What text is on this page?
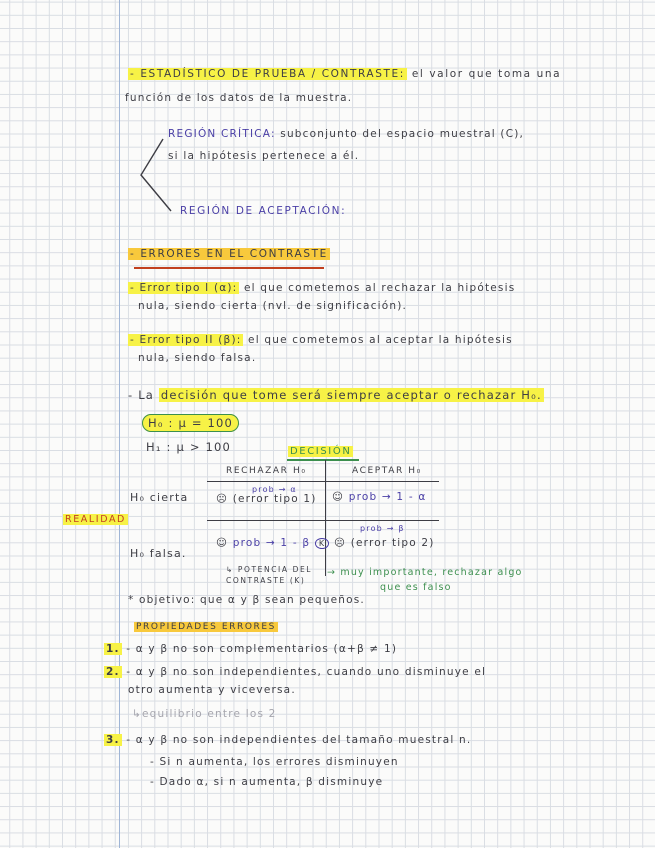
- ESTADÍSTICO DE PRUEBA / CONTRASTE: el valor que toma una
función de los datos de la muestra.
REGIÓN CRÍTICA: subconjunto del espacio muestral (C),
si la hipótesis pertenece a él.
REGIÓN DE ACEPTACIÓN:
- ERRORES EN EL CONTRASTE
- Error tipo I (α): el que cometemos al rechazar la hipótesis
nula, siendo cierta (nvl. de significación).
- Error tipo II (β): el que cometemos al aceptar la hipótesis
nula, siendo falsa.
- La decisión que tome será siempre aceptar o rechazar H₀.
H₀ : μ = 100
H₁ : μ > 100	DECISIÓN
RECHAZAR H₀	ACEPTAR H₀
REALIDAD
H₀ cierta
H₀ falsa.
prob → α
☹ (error tipo 1) ☺ prob → 1 - α
☺ prob → 1 - β K
prob → β
☹ (error tipo 2)
↳ POTENCIA DEL
CONTRASTE (K)
→ muy importante, rechazar algo
que es falso
* objetivo: que α y β sean pequeños.
PROPIEDADES ERRORES
1. - α y β no son complementarios (α+β ≠ 1)
2. - α y β no son independientes, cuando uno disminuye el
otro aumenta y viceversa.
↳equilibrio entre los 2
3. - α y β no son independientes del tamaño muestral n.
- Si n aumenta, los errores disminuyen
- Dado α, si n aumenta, β disminuye
